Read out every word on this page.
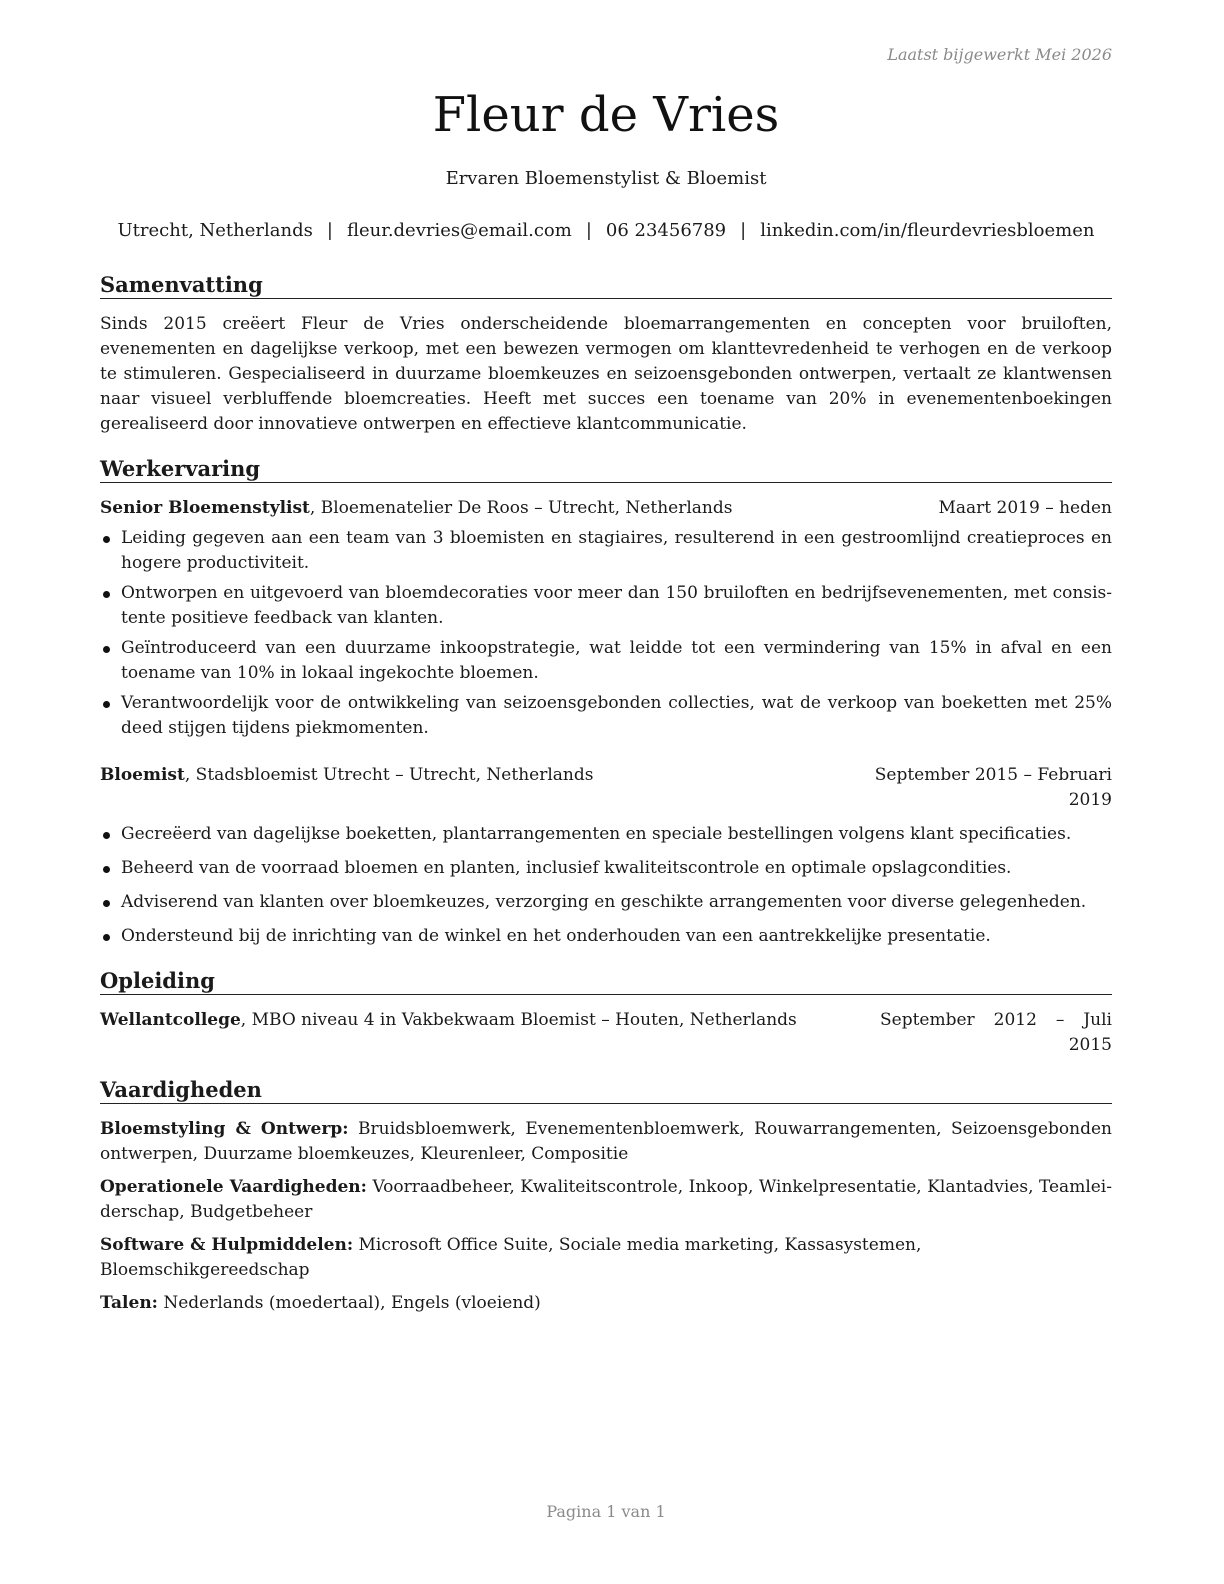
Laatst bijgewerkt Mei 2026
Fleur de Vries
Ervaren Bloemenstylist & Bloemist
Utrecht, Netherlands | fleur.devries@email.com | 06 23456789 | linkedin.com/in/fleurdevriesbloemen
Samenvatting

Sinds 2015 creëert Fleur de Vries onderscheidende bloemarrangementen en concepten voor bruiloften, evenementen en dagelijkse verkoop, met een bewezen vermogen om klanttevredenheid te verhogen en de verkoop te stimuleren. Gespecialiseerd in duurzame bloemkeuzes en seizoensgebonden ontwerpen, vertaalt ze klantwensen naar visueel verbluffende bloemcreaties. Heeft met succes een toename van 20% in evenementenboekingen gerealiseerd door innovatieve ontwerpen en effectieve klantcommunicatie.

Werkervaring
Senior Bloemenstylist, Bloemenatelier De Roos – Utrecht, Netherlands	Maart 2019 – heden
Leiding gegeven aan een team van 3 bloemisten en stagiaires, resulterend in een gestroomlijnd creatieproces en hogere productiviteit.
Ontworpen en uitgevoerd van bloemdecoraties voor meer dan 150 bruiloften en bedrijfsevenementen, met consistente positieve feedback van klanten.
Geïntroduceerd van een duurzame inkoopstrategie, wat leidde tot een vermindering van 15% in afval en een toename van 10% in lokaal ingekochte bloemen.
Verantwoordelijk voor de ontwikkeling van seizoensgebonden collecties, wat de verkoop van boeketten met 25% deed stijgen tijdens piekmomenten.
Bloemist, Stadsbloemist Utrecht – Utrecht, Netherlands	September 2015 – Februari 2019
Gecreëerd van dagelijkse boeketten, plantarrangementen en speciale bestellingen volgens klant specificaties.
Beheerd van de voorraad bloemen en planten, inclusief kwaliteitscontrole en optimale opslagcondities.
Adviserend van klanten over bloemkeuzes, verzorging en geschikte arrangementen voor diverse gelegenheden.
Ondersteund bij de inrichting van de winkel en het onderhouden van een aantrekkelijke presentatie.
Opleiding
Wellantcollege, MBO niveau 4 in Vakbekwaam Bloemist – Houten, Netherlands	September 2012 – Juli 2015
Vaardigheden

Bloemstyling & Ontwerp: Bruidsbloemwerk, Evenementenbloemwerk, Rouwarrangementen, Seizoensgebonden ontwerpen, Duurzame bloemkeuzes, Kleurenleer, Compositie

Operationele Vaardigheden: Voorraadbeheer, Kwaliteitscontrole, Inkoop, Winkelpresentatie, Klantadvies, Teamleiderschap, Budgetbeheer

Software & Hulpmiddelen: Microsoft Office Suite, Sociale media marketing, Kassasystemen, Bloemschikgereedschap

Talen: Nederlands (moedertaal), Engels (vloeiend)

Pagina 1 van 1
